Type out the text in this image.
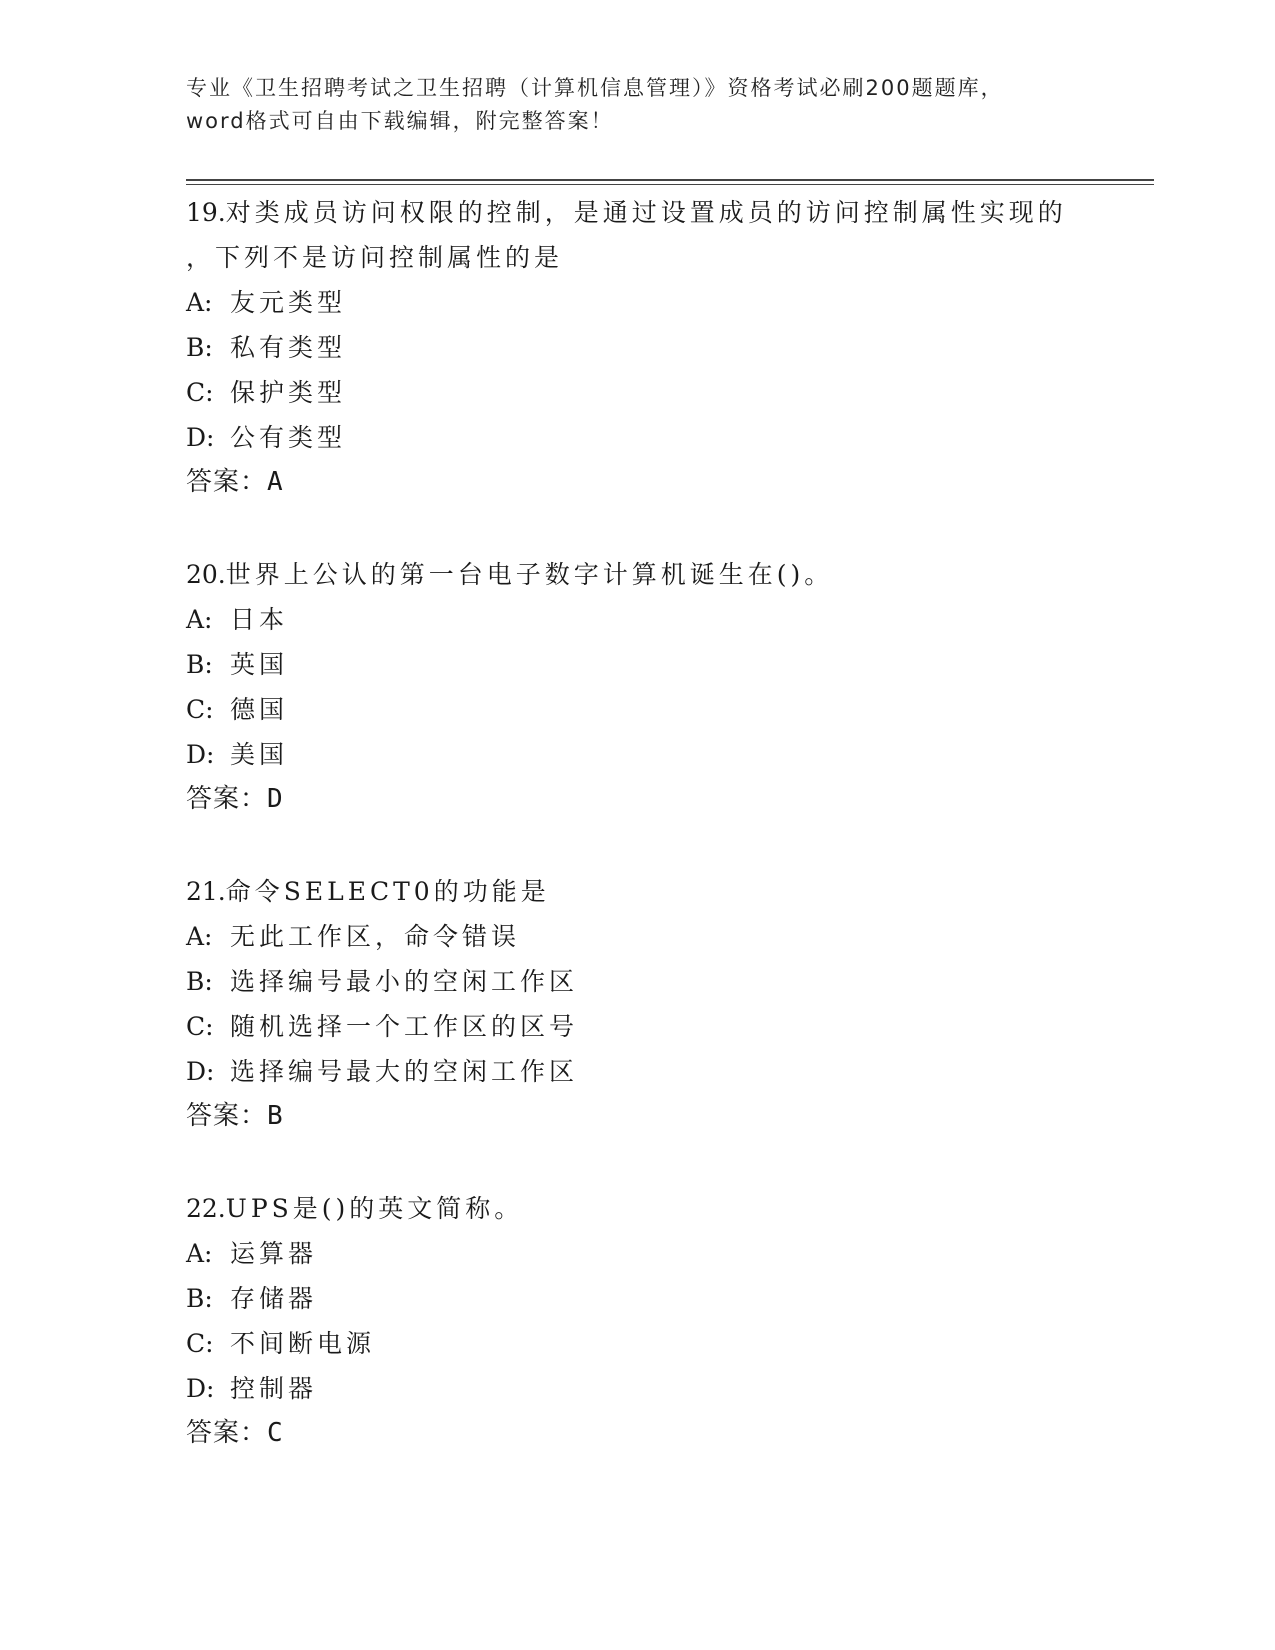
专业《卫生招聘考试之卫生招聘（计算机信息管理）》资格考试必刷200题题库，
word格式可自由下载编辑，附完整答案！
19.对类成员访问权限的控制，是通过设置成员的访问控制属性实现的
，下列不是访问控制属性的是
A: 友元类型
B: 私有类型
C: 保护类型
D: 公有类型
答案：A
20.世界上公认的第一台电子数字计算机诞生在()。
A: 日本
B: 英国
C: 德国
D: 美国
答案：D
21.命令SELECT0的功能是
A: 无此工作区，命令错误
B: 选择编号最小的空闲工作区
C: 随机选择一个工作区的区号
D: 选择编号最大的空闲工作区
答案：B
22.UPS是()的英文简称。
A: 运算器
B: 存储器
C: 不间断电源
D: 控制器
答案：C
